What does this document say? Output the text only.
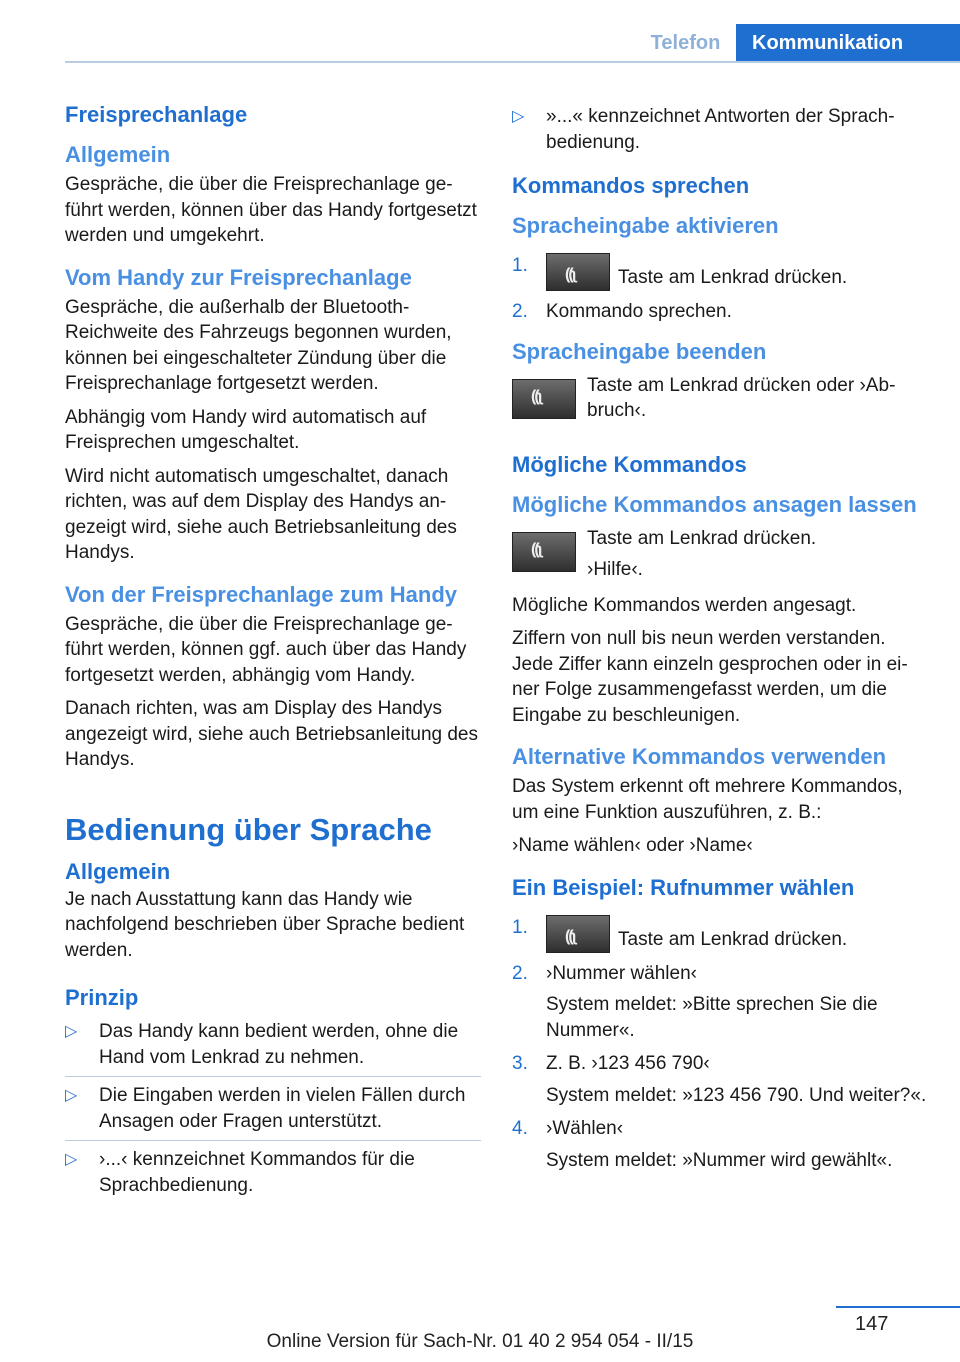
Telefon	Kommunikation
Freisprechanlage
Allgemein

Gespräche, die über die Freisprechanlage geführt werden, können über das Handy fortgesetzt werden und umgekehrt.

Vom Handy zur Freisprechanlage

Gespräche, die außerhalb der Bluetooth-Reichweite des Fahrzeugs begonnen wurden, können bei eingeschalteter Zündung über die Freisprechanlage fortgesetzt werden.

Abhängig vom Handy wird automatisch auf Freisprechen umgeschaltet.

Wird nicht automatisch umgeschaltet, danach richten, was auf dem Display des Handys angezeigt wird, siehe auch Betriebsanleitung des Handys.

Von der Freisprechanlage zum Handy

Gespräche, die über die Freisprechanlage geführt werden, können ggf. auch über das Handy fortgesetzt werden, abhängig vom Handy.

Danach richten, was am Display des Handys angezeigt wird, siehe auch Betriebsanleitung des Handys.

Bedienung über Sprache
Allgemein

Je nach Ausstattung kann das Handy wie nachfolgend beschrieben über Sprache bedient werden.

Prinzip
▷ Das Handy kann bedient werden, ohne die Hand vom Lenkrad zu nehmen.
▷ Die Eingaben werden in vielen Fällen durch Ansagen oder Fragen unterstützt.
▷ ›...‹ kennzeichnet Kommandos für die Sprachbedienung.
▷ »...« kennzeichnet Antworten der Sprachbedienung.
Kommandos sprechen
Spracheingabe aktivieren
1. ((ʅ Taste am Lenkrad drücken.
2. Kommando sprechen.
Spracheingabe beenden
((ʅ

Taste am Lenkrad drücken oder ›Abbruch‹.

Mögliche Kommandos
Mögliche Kommandos ansagen lassen
((ʅ

Taste am Lenkrad drücken.

›Hilfe‹.

Mögliche Kommandos werden angesagt.

Ziffern von null bis neun werden verstanden. Jede Ziffer kann einzeln gesprochen oder in einer Folge zusammengefasst werden, um die Eingabe zu beschleunigen.

Alternative Kommandos verwenden

Das System erkennt oft mehrere Kommandos, um eine Funktion auszuführen, z. B.:

›Name wählen‹ oder ›Name‹

Ein Beispiel: Rufnummer wählen
1. ((ʅ Taste am Lenkrad drücken.
2. ›Nummer wählen‹
System meldet: »Bitte sprechen Sie die Nummer«.
3. Z. B. ›123 456 790‹
System meldet: »123 456 790. Und weiter?«.
4. ›Wählen‹
System meldet: »Nummer wird gewählt«.
147
Online Version für Sach-Nr. 01 40 2 954 054 - II/15
